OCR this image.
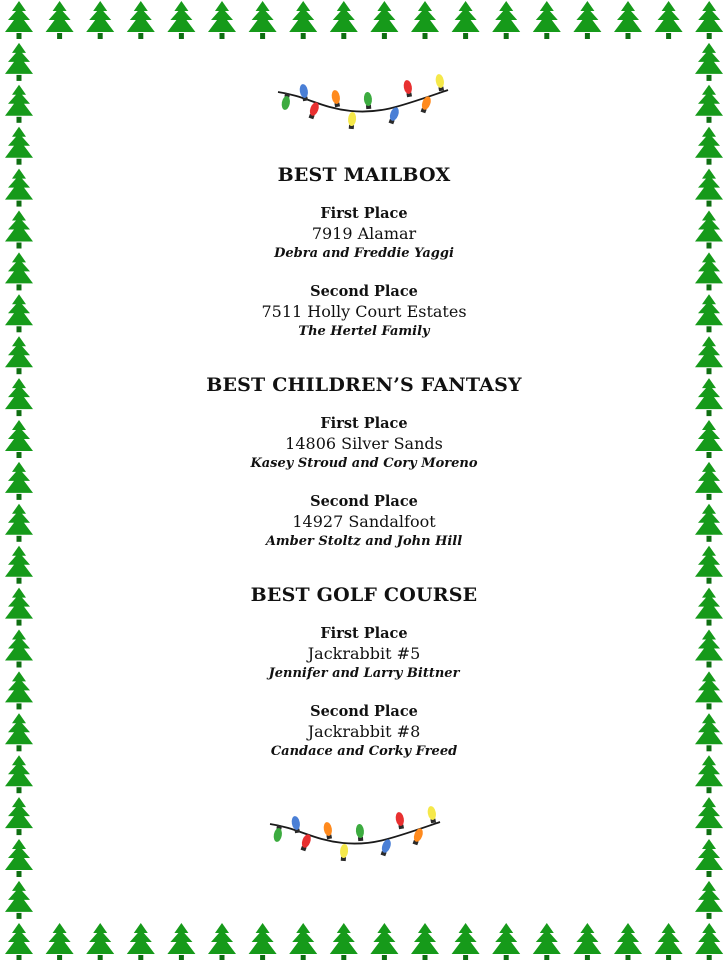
BEST MAILBOX
First Place
7919 Alamar
Debra and Freddie Yaggi
Second Place
7511 Holly Court Estates
The Hertel Family
BEST CHILDREN’S FANTASY
First Place
14806 Silver Sands
Kasey Stroud and Cory Moreno
Second Place
14927 Sandalfoot
Amber Stoltz and John Hill
BEST GOLF COURSE
First Place
Jackrabbit #5
Jennifer and Larry Bittner
Second Place
Jackrabbit #8
Candace and Corky Freed
